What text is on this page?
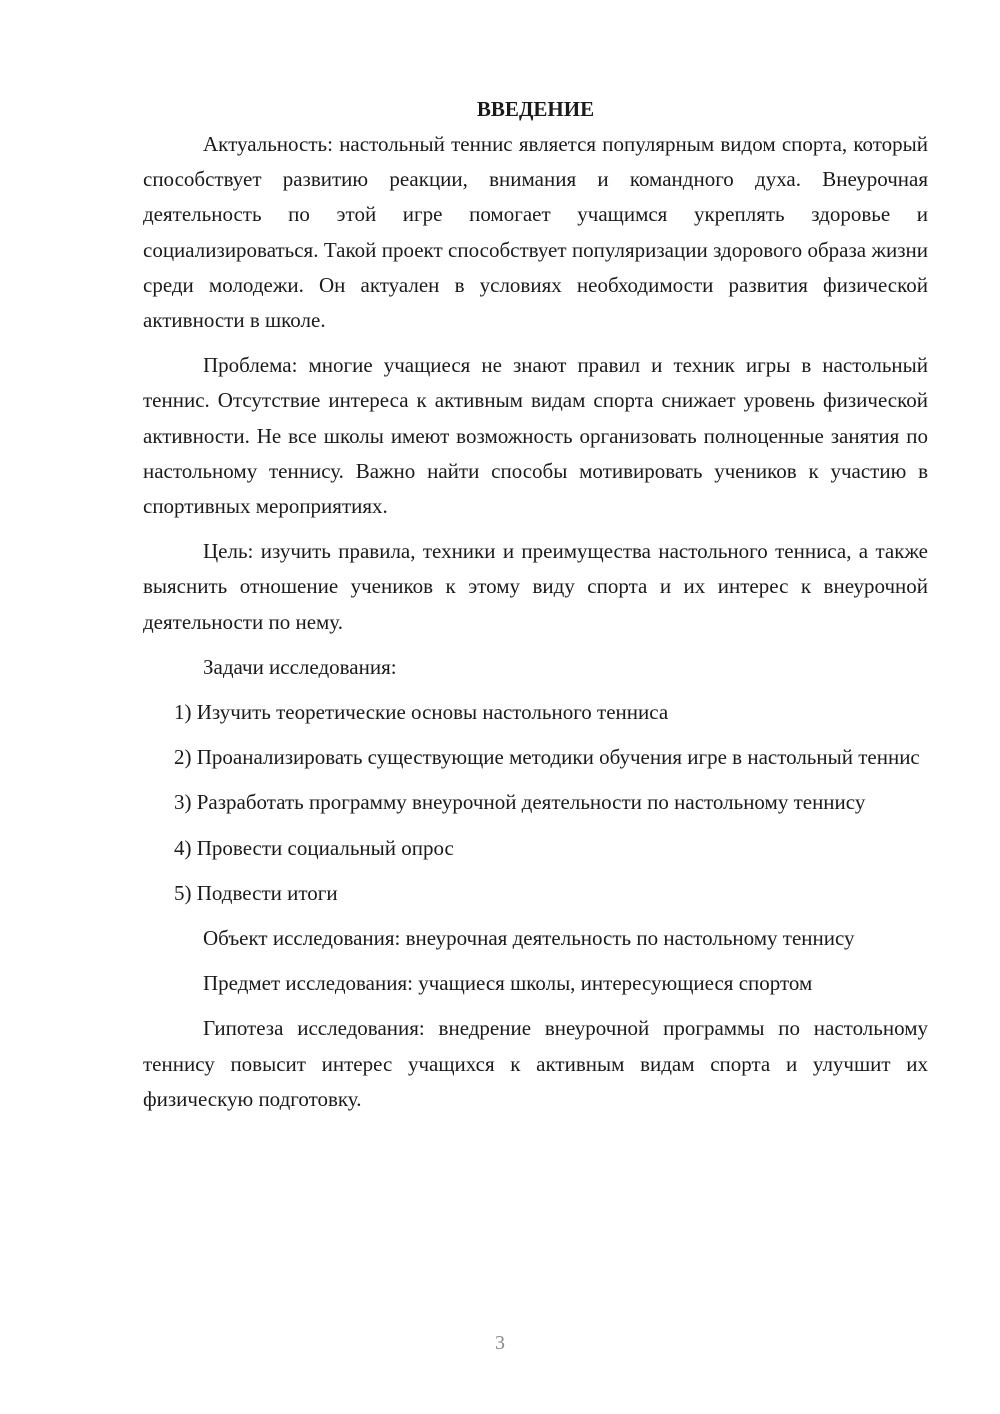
ВВЕДЕНИЕ

Актуальность: настольный теннис является популярным видом спорта, который способствует развитию реакции, внимания и командного духа. Внеурочная деятельность по этой игре помогает учащимся укреплять здоровье и социализироваться. Такой проект способствует популяризации здорового образа жизни среди молодежи. Он актуален в условиях необходимости развития физической активности в школе.

Проблема: многие учащиеся не знают правил и техник игры в настольный теннис. Отсутствие интереса к активным видам спорта снижает уровень физической активности. Не все школы имеют возможность организовать полноценные занятия по настольному теннису. Важно найти способы мотивировать учеников к участию в спортивных мероприятиях.

Цель: изучить правила, техники и преимущества настольного тенниса, а также выяснить отношение учеников к этому виду спорта и их интерес к внеурочной деятельности по нему.

Задачи исследования:

1) Изучить теоретические основы настольного тенниса

2) Проанализировать существующие методики обучения игре в настольный теннис

3) Разработать программу внеурочной деятельности по настольному теннису

4) Провести социальный опрос

5) Подвести итоги

Объект исследования: внеурочная деятельность по настольному теннису

Предмет исследования: учащиеся школы, интересующиеся спортом

Гипотеза исследования: внедрение внеурочной программы по настольному теннису повысит интерес учащихся к активным видам спорта и улучшит их физическую подготовку.

3
